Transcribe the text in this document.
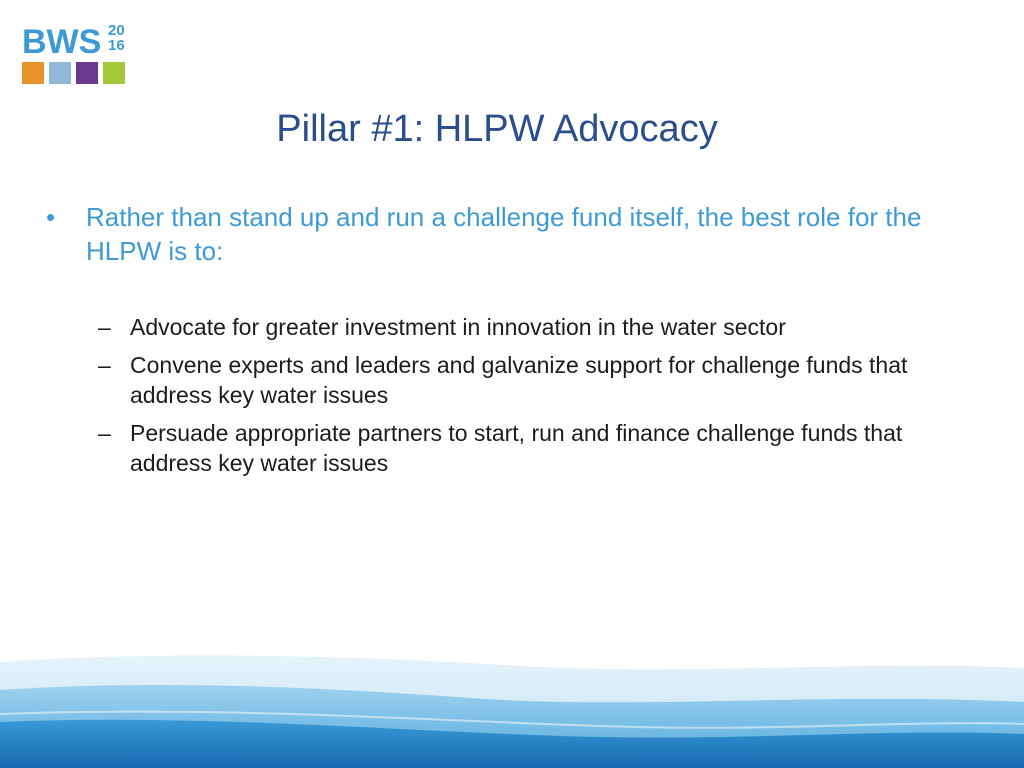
BWS 20
16
Pillar #1: HLPW Advocacy
•	Rather than stand up and run a challenge fund itself, the best role for the HLPW is to:
– Advocate for greater investment in innovation in the water sector
– Convene experts and leaders and galvanize support for challenge funds that address key water issues
– Persuade appropriate partners to start, run and finance challenge funds that address key water issues
